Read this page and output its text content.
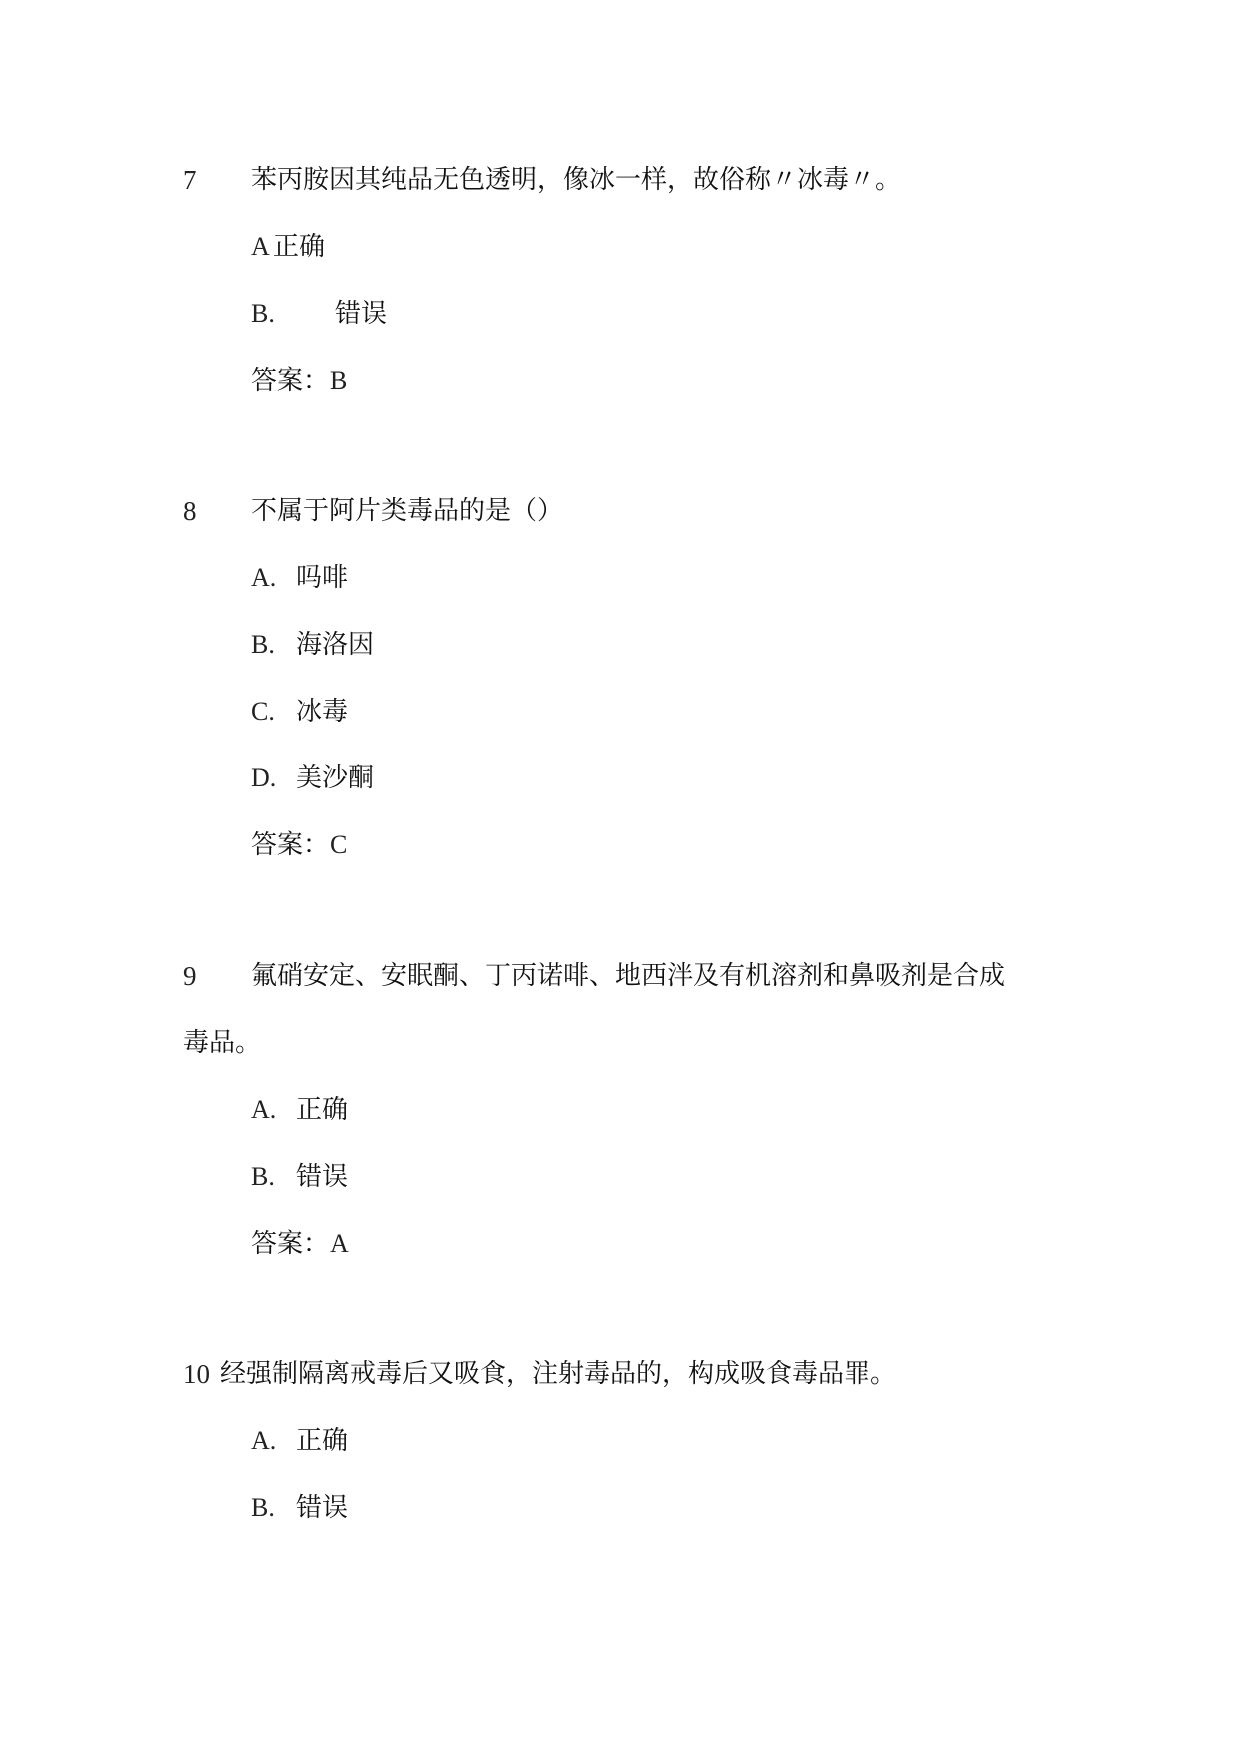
7 苯丙胺因其纯品无色透明，像冰一样，故俗称〃冰毒〃。
A 正确
B. 错误
答案： B
8 不属于阿片类毒品的是（）
A. 吗啡
B. 海洛因
C. 冰毒
D. 美沙酮
答案： C
9 氟硝安定、安眠酮、丁丙诺啡、地西泮及有机溶剂和鼻吸剂是合成
毒品。
A. 正确
B. 错误
答案： A
10 经强制隔离戒毒后又吸食，注射毒品的，构成吸食毒品罪。
A. 正确
B. 错误
